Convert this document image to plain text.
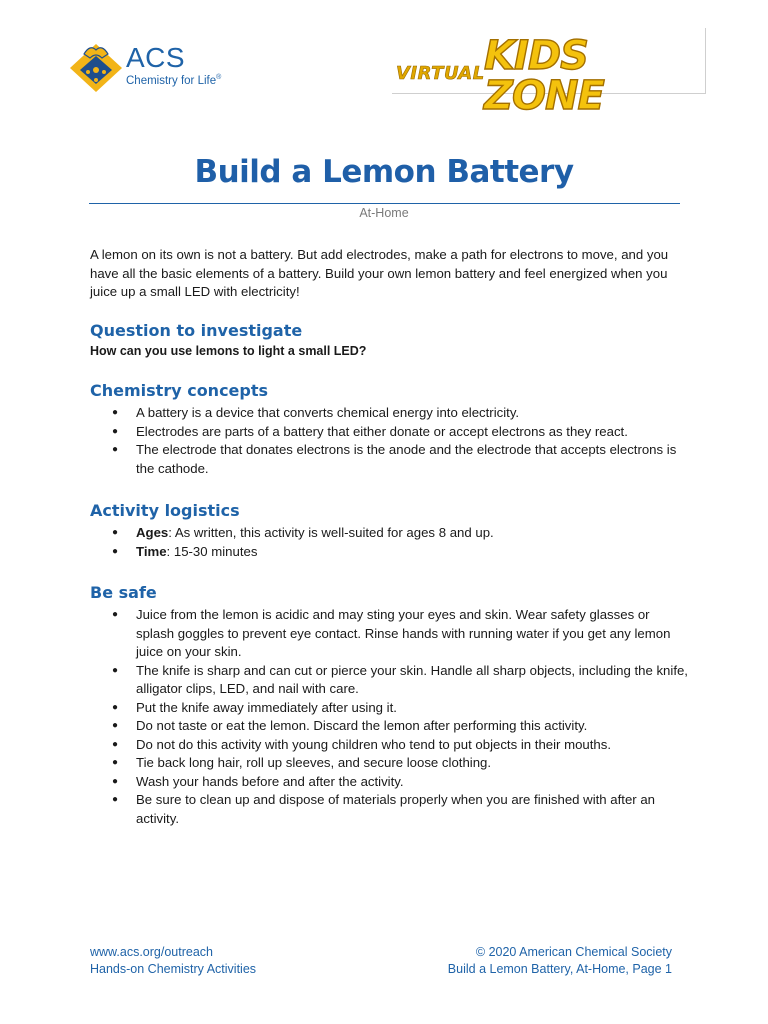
ACS
Chemistry for Life®	VIRTUAL KIDS ZONE
Build a Lemon Battery
At-Home

A lemon on its own is not a battery. But add electrodes, make a path for electrons to move, and you have all the basic elements of a battery. Build your own lemon battery and feel energized when you juice up a small LED with electricity!

Question to investigate

How can you use lemons to light a small LED?

Chemistry concepts
● A battery is a device that converts chemical energy into electricity.
● Electrodes are parts of a battery that either donate or accept electrons as they react.
● The electrode that donates electrons is the anode and the electrode that accepts electrons is the cathode.
Activity logistics
● Ages: As written, this activity is well-suited for ages 8 and up.
● Time: 15-30 minutes
Be safe
● Juice from the lemon is acidic and may sting your eyes and skin. Wear safety glasses or splash goggles to prevent eye contact. Rinse hands with running water if you get any lemon juice on your skin.
● The knife is sharp and can cut or pierce your skin. Handle all sharp objects, including the knife, alligator clips, LED, and nail with care.
● Put the knife away immediately after using it.
● Do not taste or eat the lemon. Discard the lemon after performing this activity.
● Do not do this activity with young children who tend to put objects in their mouths.
● Tie back long hair, roll up sleeves, and secure loose clothing.
● Wash your hands before and after the activity.
● Be sure to clean up and dispose of materials properly when you are finished with after an activity.
www.acs.org/outreach
Hands-on Chemistry Activities
© 2020 American Chemical Society
Build a Lemon Battery, At-Home, Page 1
